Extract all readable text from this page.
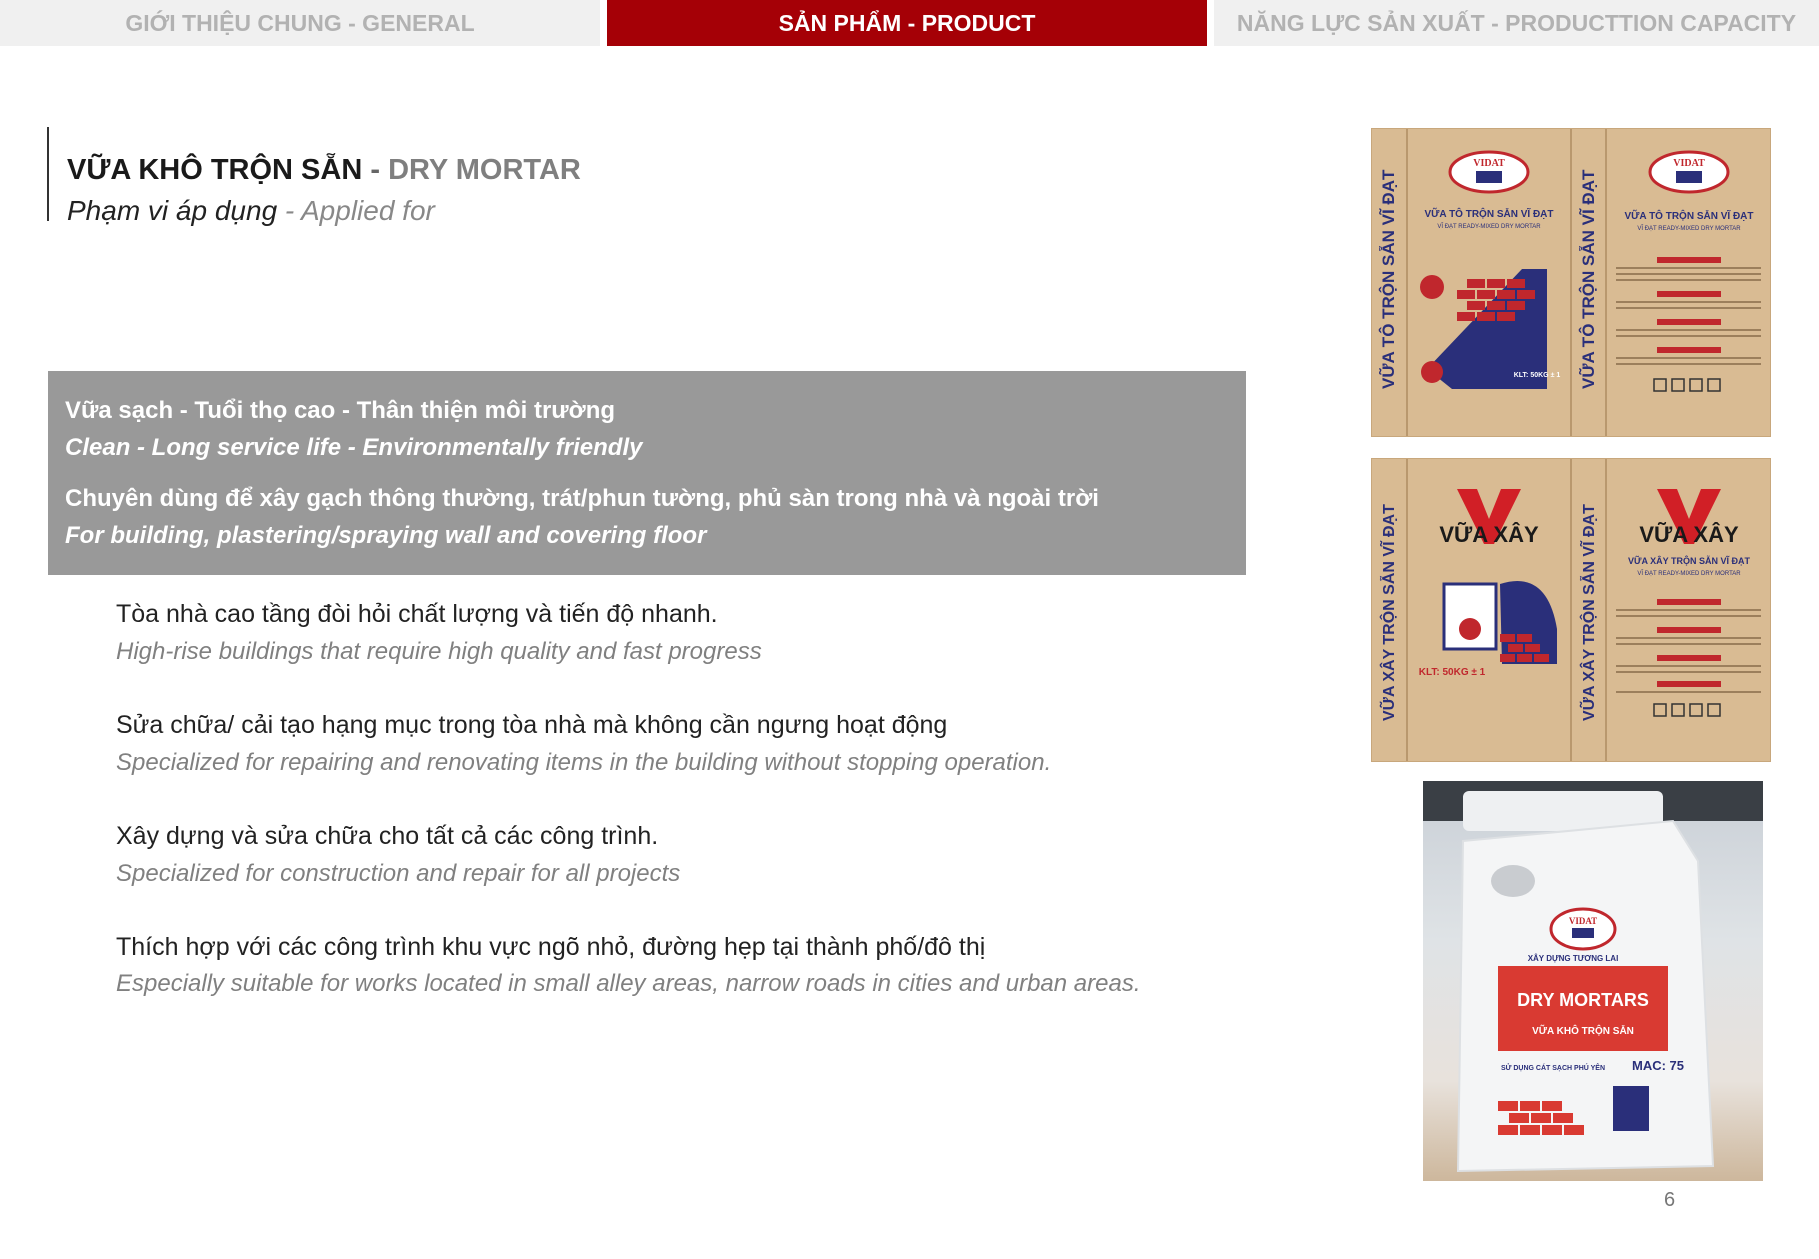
GIỚI THIỆU CHUNG - GENERAL	SẢN PHẨM - PRODUCT	NĂNG LỰC SẢN XUẤT - PRODUCTTION CAPACITY
VỮA KHÔ TRỘN SẴN - DRY MORTAR
Phạm vi áp dụng - Applied for
Vữa sạch - Tuổi thọ cao - Thân thiện môi trường
Clean - Long service life - Environmentally friendly
Chuyên dùng để xây gạch thông thường, trát/phun tường, phủ sàn trong nhà và ngoài trời
For building, plastering/spraying wall and covering floor
Tòa nhà cao tầng đòi hỏi chất lượng và tiến độ nhanh.
High-rise buildings that require high quality and fast progress
Sửa chữa/ cải tạo hạng mục trong tòa nhà mà không cần ngưng hoạt động
Specialized for repairing and renovating items in the building without stopping operation.
Xây dựng và sửa chữa cho tất cả các công trình.
Specialized for construction and repair for all projects
Thích hợp với các công trình khu vực ngõ nhỏ, đường hẹp tại thành phố/đô thị
Especially suitable for works located in small alley areas, narrow roads in cities and urban areas.
VỮA TÔ TRỘN SẴN VĨ ĐẠT	VỮA TÔ TRỘN SẴN VĨ ĐẠT
VIDAT
VỮA TÔ TRỘN SẴN VĨ ĐẠT
VĨ ĐẠT READY-MIXED DRY MORTAR
KLT: 50KG ± 1
VIDAT
VỮA TÔ TRỘN SẴN VĨ ĐẠT
VĨ ĐẠT READY-MIXED DRY MORTAR
VỮA XÂY TRỘN SẴN VĨ ĐẠT	VỮA XÂY TRỘN SẴN VĨ ĐẠT
VỮA XÂY
KLT: 50KG ± 1
VỮA XÂY
VỮA XÂY TRỘN SẴN VĨ ĐẠT
VĨ ĐẠT READY-MIXED DRY MORTAR
VIDAT
XÂY DỰNG TƯƠNG LAI
DRY MORTARS
VỮA KHÔ TRỘN SẴN
SỬ DỤNG CÁT SẠCH PHÚ YÊN MAC: 75
6
